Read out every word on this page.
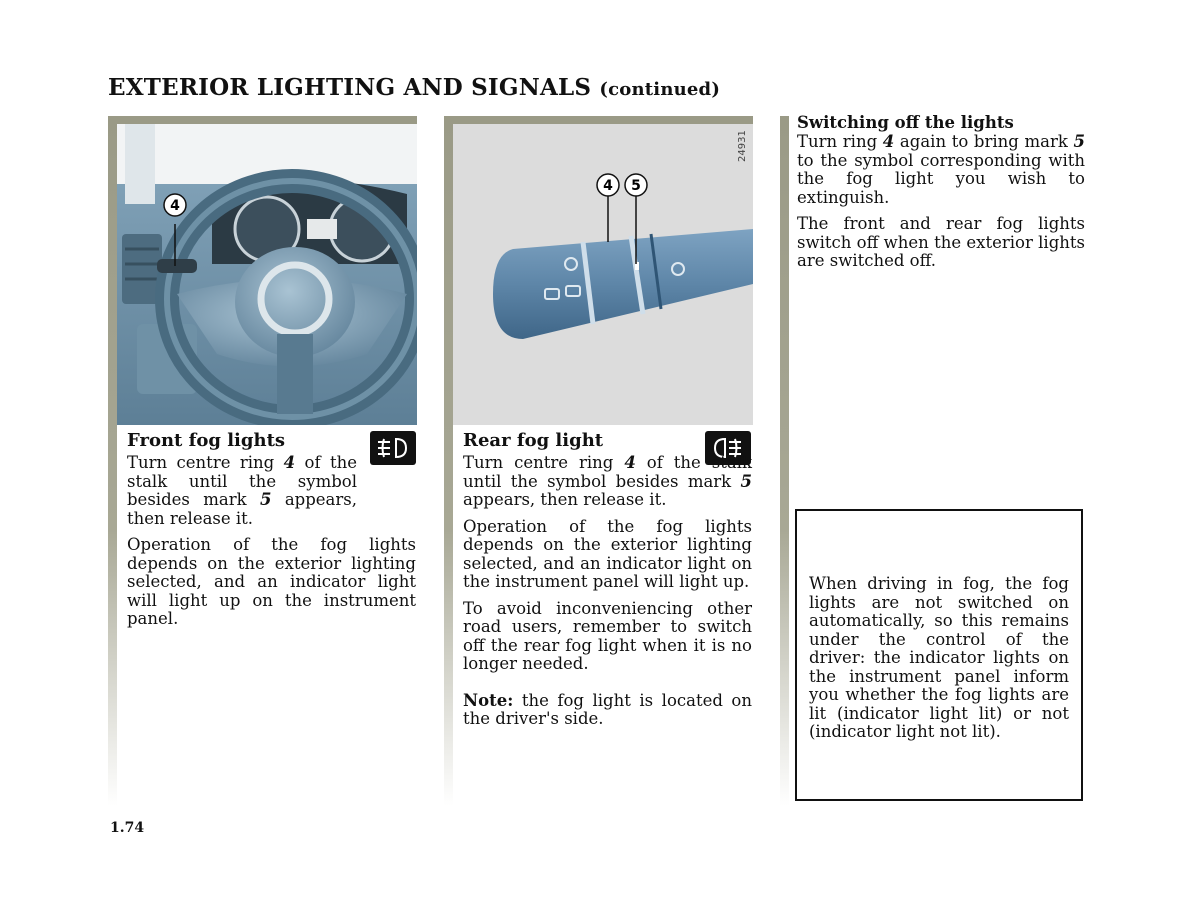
EXTERIOR LIGHTING AND SIGNALS (continued)
4
4 5
24931
Front fog lights

Turn centre ring 4 of the stalk until the symbol besides mark 5 appears, then release it.

Operation of the fog lights depends on the exterior lighting selected, and an indicator light will light up on the instrument panel.

Rear fog light

Turn centre ring 4 of the stalk until the symbol besides mark 5 appears, then release it.

Operation of the fog lights depends on the exterior lighting selected, and an indicator light on the instrument panel will light up.

To avoid inconveniencing other road users, remember to switch off the rear fog light when it is no longer needed.

Note: the fog light is located on the driver's side.

Switching off the lights

Turn ring 4 again to bring mark 5 to the symbol corresponding with the fog light you wish to extinguish.

The front and rear fog lights switch off when the exterior lights are switched off.

When driving in fog, the fog lights are not switched on automatically, so this remains under the control of the driver: the indicator lights on the instrument panel inform you whether the fog lights are lit (indicator light lit) or not (indicator light not lit).
1.74
